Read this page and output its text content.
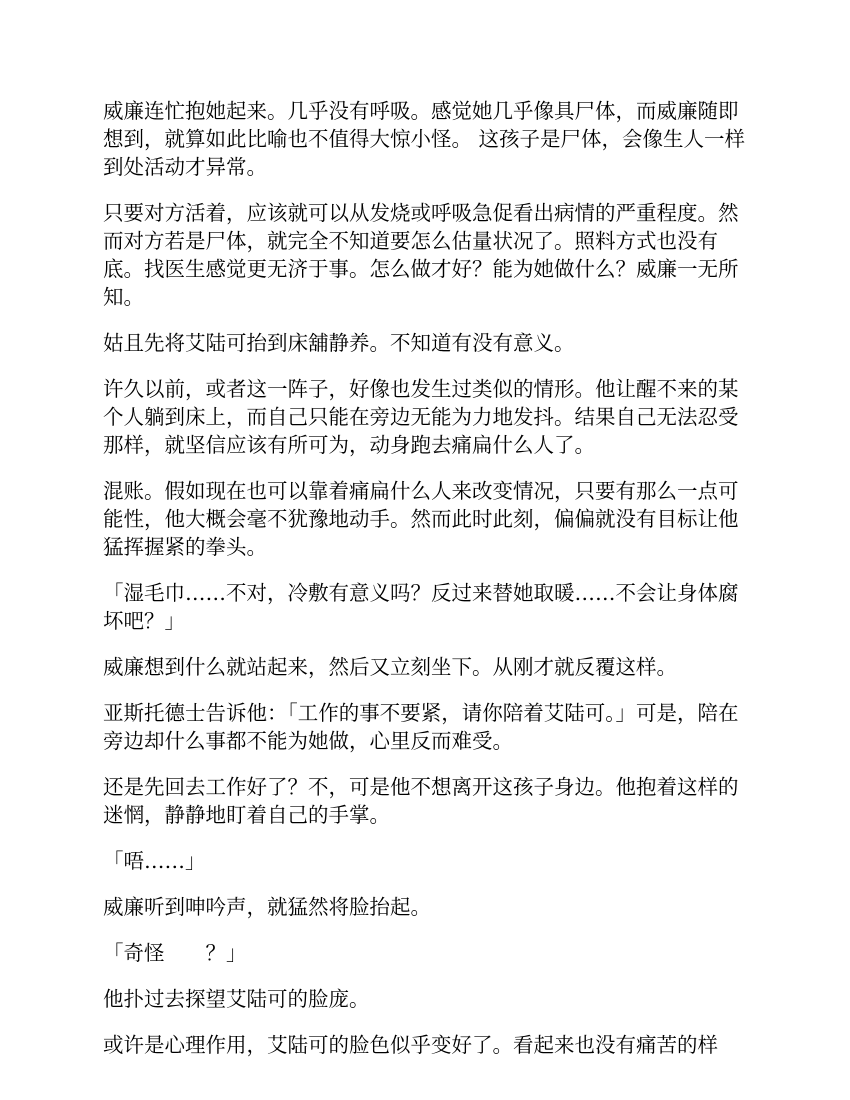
威廉连忙抱她起来。几乎没有呼吸。感觉她几乎像具尸体，而威廉随即想到，就算如此比喻也不值得大惊小怪。 这孩子是尸体，会像生人一样到处活动才异常。

只要对方活着，应该就可以从发烧或呼吸急促看出病情的严重程度。然而对方若是尸体，就完全不知道要怎么估量状况了。照料方式也没有底。找医生感觉更无济于事。怎么做才好？能为她做什么？威廉一无所知。

姑且先将艾陆可抬到床舖静养。不知道有没有意义。

许久以前，或者这一阵子，好像也发生过类似的情形。他让醒不来的某个人躺到床上，而自己只能在旁边无能为力地发抖。结果自己无法忍受那样，就坚信应该有所可为，动身跑去痛扁什么人了。

混账。假如现在也可以靠着痛扁什么人来改变情况，只要有那么一点可能性，他大概会毫不犹豫地动手。然而此时此刻，偏偏就没有目标让他猛挥握紧的拳头。

「湿毛巾……不对，冷敷有意义吗？反过来替她取暖……不会让身体腐坏吧？」

威廉想到什么就站起来，然后又立刻坐下。从刚才就反覆这样。

亚斯托德士告诉他：「工作的事不要紧，请你陪着艾陆可。」可是，陪在旁边却什么事都不能为她做，心里反而难受。

还是先回去工作好了？不，可是他不想离开这孩子身边。他抱着这样的迷惘，静静地盯着自己的手掌。

「唔……」

威廉听到呻吟声，就猛然将脸抬起。

「奇怪　　？」

他扑过去探望艾陆可的脸庞。

或许是心理作用，艾陆可的脸色似乎变好了。看起来也没有痛苦的样
